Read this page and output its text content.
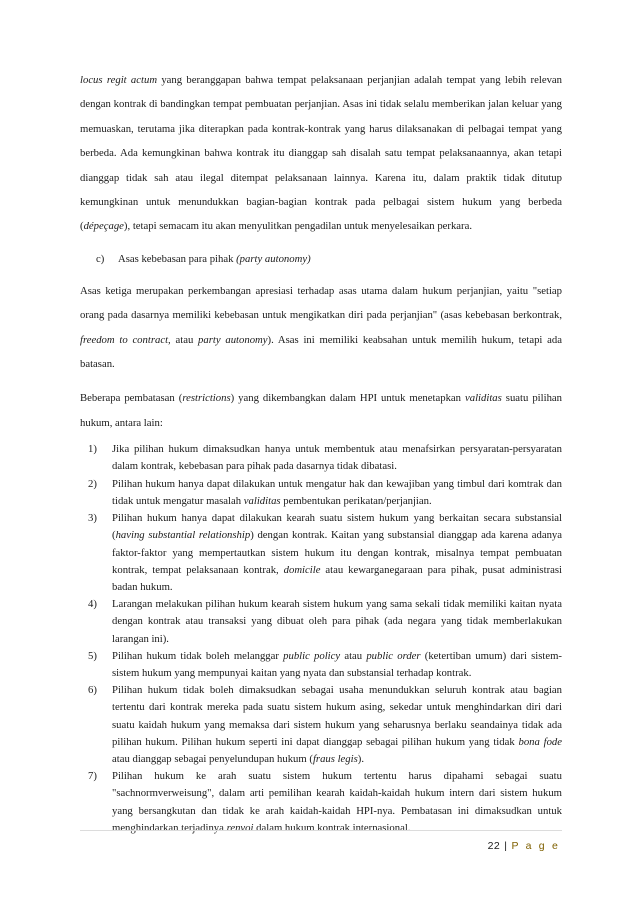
locus regit actum yang beranggapan bahwa tempat pelaksanaan perjanjian adalah tempat yang lebih relevan dengan kontrak di bandingkan tempat pembuatan perjanjian. Asas ini tidak selalu memberikan jalan keluar yang memuaskan, terutama jika diterapkan pada kontrak-kontrak yang harus dilaksanakan di pelbagai tempat yang berbeda. Ada kemungkinan bahwa kontrak itu dianggap sah disalah satu tempat pelaksanaannya, akan tetapi dianggap tidak sah atau ilegal ditempat pelaksanaan lainnya. Karena itu, dalam praktik tidak ditutup kemungkinan untuk menundukkan bagian-bagian kontrak pada pelbagai sistem hukum yang berbeda (dépeçage), tetapi semacam itu akan menyulitkan pengadilan untuk menyelesaikan perkara.

c) Asas kebebasan para pihak (party autonomy)

Asas ketiga merupakan perkembangan apresiasi terhadap asas utama dalam hukum perjanjian, yaitu "setiap orang pada dasarnya memiliki kebebasan untuk mengikatkan diri pada perjanjian" (asas kebebasan berkontrak, freedom to contract, atau party autonomy). Asas ini memiliki keabsahan untuk memilih hukum, tetapi ada batasan.

Beberapa pembatasan (restrictions) yang dikembangkan dalam HPI untuk menetapkan validitas suatu pilihan hukum, antara lain:

1)	Jika pilihan hukum dimaksudkan hanya untuk membentuk atau menafsirkan persyaratan-persyaratan dalam kontrak, kebebasan para pihak pada dasarnya tidak dibatasi.
2)	Pilihan hukum hanya dapat dilakukan untuk mengatur hak dan kewajiban yang timbul dari komtrak dan tidak untuk mengatur masalah validitas pembentukan perikatan/perjanjian.
3)	Pilihan hukum hanya dapat dilakukan kearah suatu sistem hukum yang berkaitan secara substansial (having substantial relationship) dengan kontrak. Kaitan yang substansial dianggap ada karena adanya faktor-faktor yang mempertautkan sistem hukum itu dengan kontrak, misalnya tempat pembuatan kontrak, tempat pelaksanaan kontrak, domicile atau kewarganegaraan para pihak, pusat administrasi badan hukum.
4)	Larangan melakukan pilihan hukum kearah sistem hukum yang sama sekali tidak memiliki kaitan nyata dengan kontrak atau transaksi yang dibuat oleh para pihak (ada negara yang tidak memberlakukan larangan ini).
5)	Pilihan hukum tidak boleh melanggar public policy atau public order (ketertiban umum) dari sistem-sistem hukum yang mempunyai kaitan yang nyata dan substansial terhadap kontrak.
6)	Pilihan hukum tidak boleh dimaksudkan sebagai usaha menundukkan seluruh kontrak atau bagian tertentu dari kontrak mereka pada suatu sistem hukum asing, sekedar untuk menghindarkan diri dari suatu kaidah hukum yang memaksa dari sistem hukum yang seharusnya berlaku seandainya tidak ada pilihan hukum. Pilihan hukum seperti ini dapat dianggap sebagai pilihan hukum yang tidak bona fode atau dianggap sebagai penyelundupan hukum (fraus legis).
7)	Pilihan hukum ke arah suatu sistem hukum tertentu harus dipahami sebagai suatu "sachnormverweisung", dalam arti pemilihan kearah kaidah-kaidah hukum intern dari sistem hukum yang bersangkutan dan tidak ke arah kaidah-kaidah HPI-nya. Pembatasan ini dimaksudkan untuk menghindarkan terjadinya renvoi dalam hukum kontrak internasional.
22 | P a g e
